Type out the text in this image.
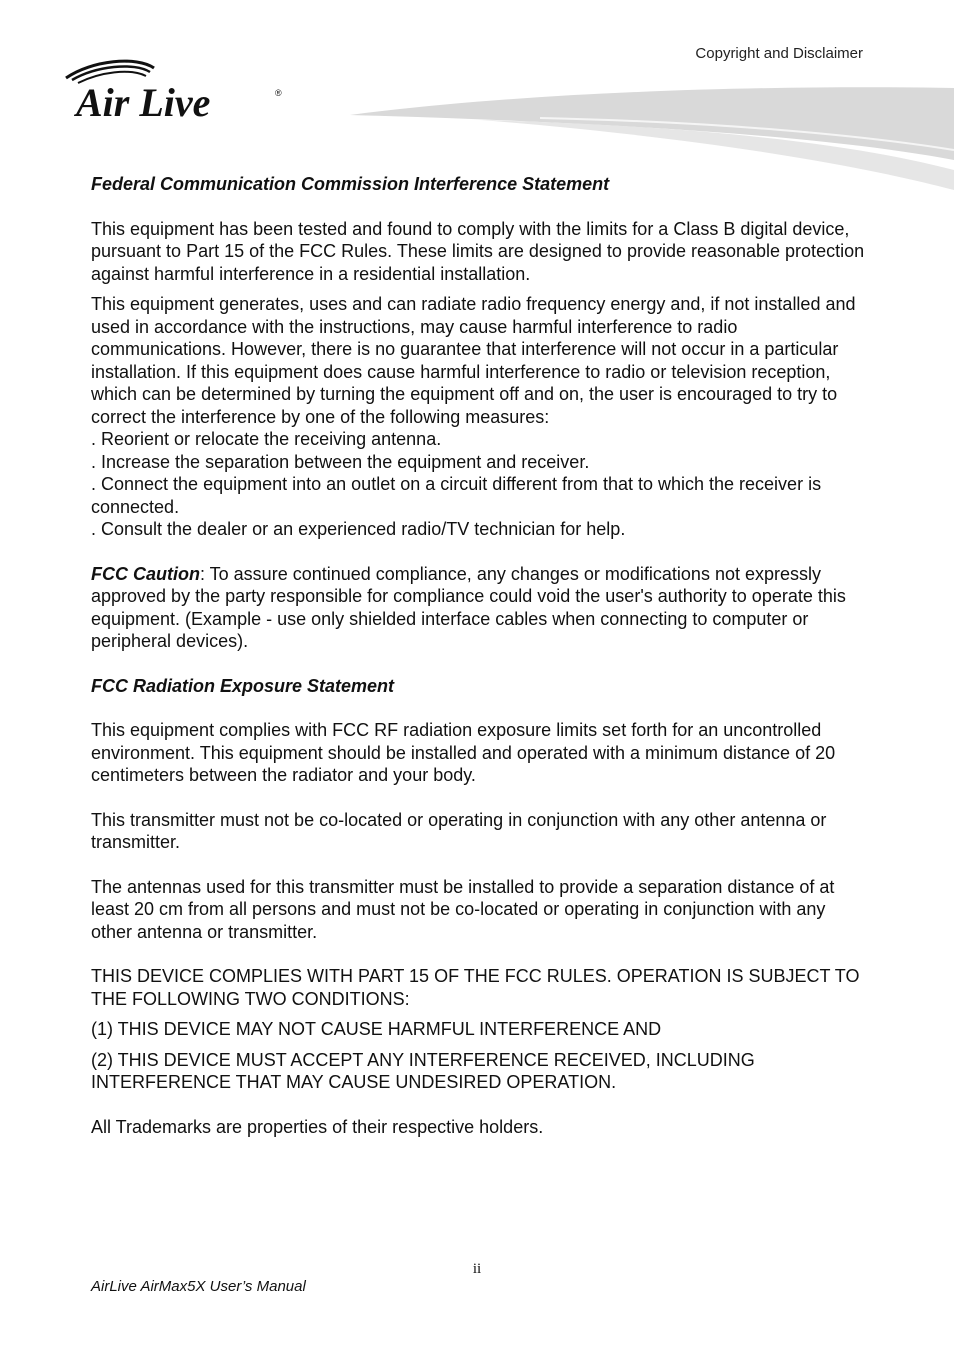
Copyright and Disclaimer
Air Live	®

Federal Communication Commission Interference Statement

This equipment has been tested and found to comply with the limits for a Class B digital device, pursuant to Part 15 of the FCC Rules. These limits are designed to provide reasonable protection against harmful interference in a residential installation.

This equipment generates, uses and can radiate radio frequency energy and, if not installed and used in accordance with the instructions, may cause harmful interference to radio communications. However, there is no guarantee that interference will not occur in a particular installation. If this equipment does cause harmful interference to radio or television reception, which can be determined by turning the equipment off and on, the user is encouraged to try to correct the interference by one of the following measures:

. Reorient or relocate the receiving antenna.

. Increase the separation between the equipment and receiver.

. Connect the equipment into an outlet on a circuit different from that to which the receiver is connected.

. Consult the dealer or an experienced radio/TV technician for help.

FCC Caution: To assure continued compliance, any changes or modifications not expressly approved by the party responsible for compliance could void the user's authority to operate this equipment. (Example - use only shielded interface cables when connecting to computer or peripheral devices).

FCC Radiation Exposure Statement

This equipment complies with FCC RF radiation exposure limits set forth for an uncontrolled environment. This equipment should be installed and operated with a minimum distance of 20 centimeters between the radiator and your body.

This transmitter must not be co-located or operating in conjunction with any other antenna or transmitter.

The antennas used for this transmitter must be installed to provide a separation distance of at least 20 cm from all persons and must not be co-located or operating in conjunction with any other antenna or transmitter.

THIS DEVICE COMPLIES WITH PART 15 OF THE FCC RULES. OPERATION IS SUBJECT TO THE FOLLOWING TWO CONDITIONS:

(1) THIS DEVICE MAY NOT CAUSE HARMFUL INTERFERENCE AND

(2) THIS DEVICE MUST ACCEPT ANY INTERFERENCE RECEIVED, INCLUDING INTERFERENCE THAT MAY CAUSE UNDESIRED OPERATION.

All Trademarks are properties of their respective holders.

ii
AirLive AirMax5X User’s Manual
